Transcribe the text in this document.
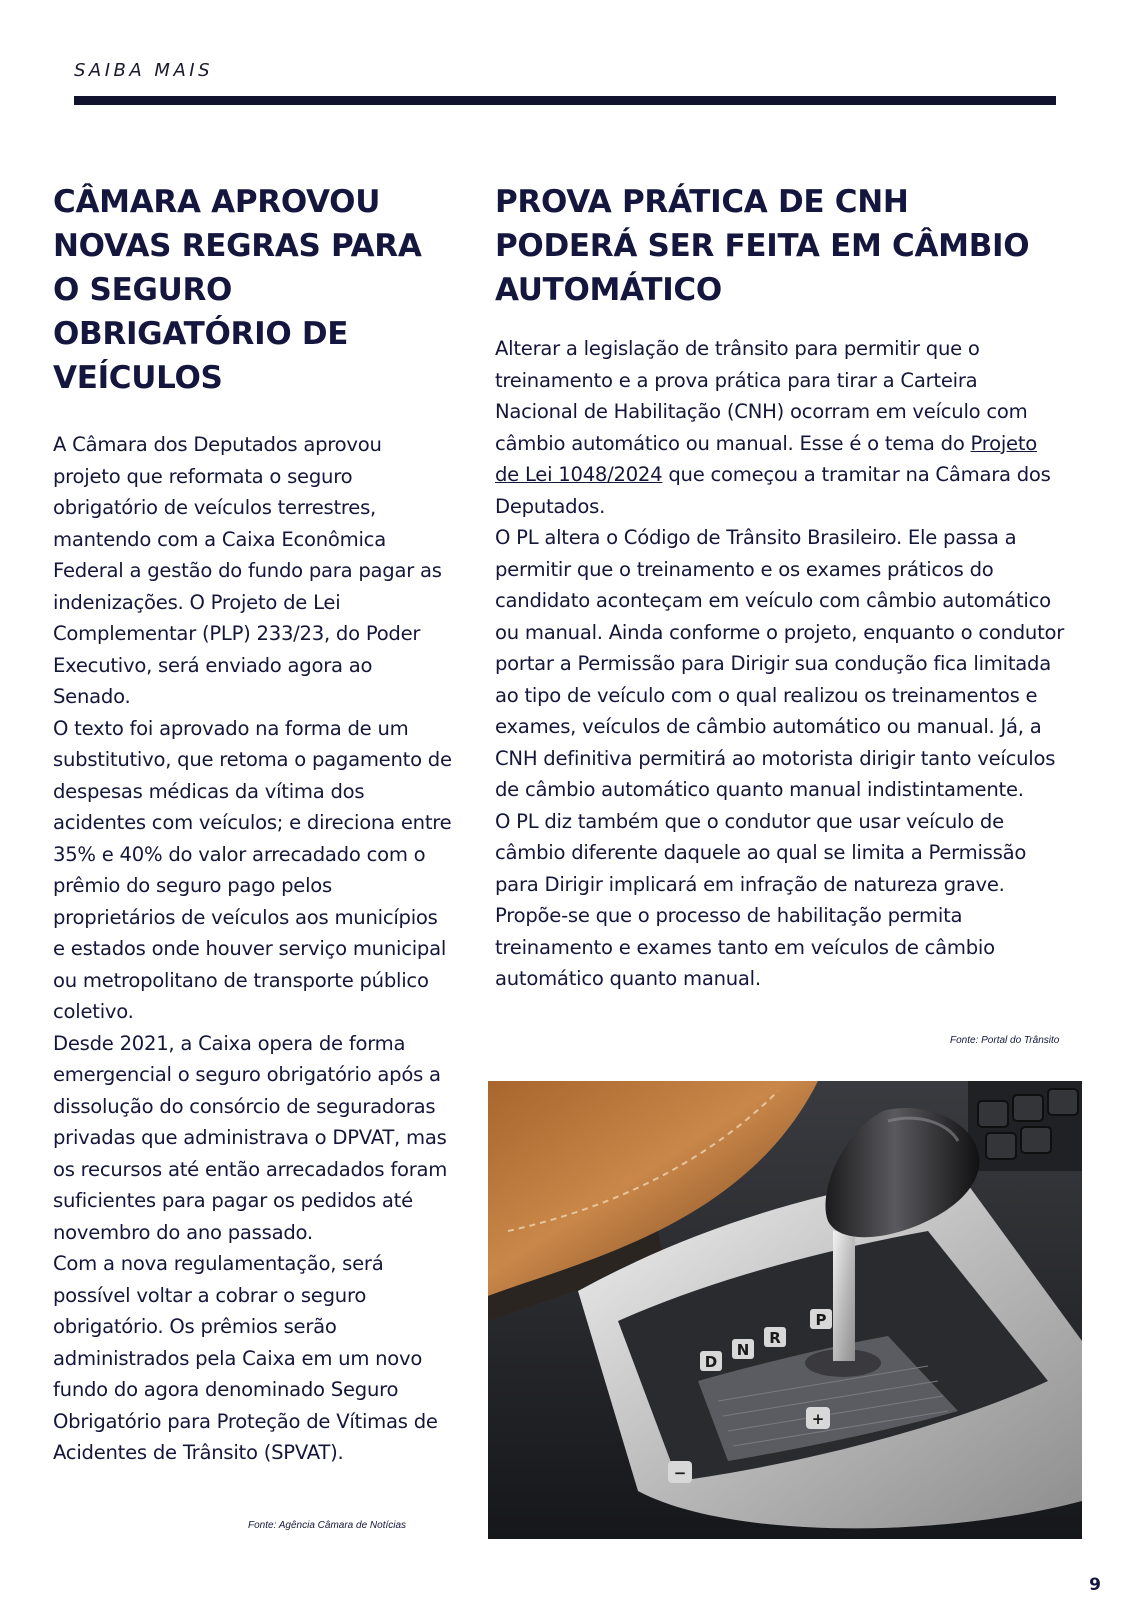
SAIBA MAIS
CÂMARA APROVOU NOVAS REGRAS PARA O SEGURO OBRIGATÓRIO DE VEÍCULOS

A Câmara dos Deputados aprovou projeto que reformata o seguro obrigatório de veículos terrestres, mantendo com a Caixa Econômica Federal a gestão do fundo para pagar as indenizações. O Projeto de Lei Complementar (PLP) 233/23, do Poder Executivo, será enviado agora ao Senado.

O texto foi aprovado na forma de um substitutivo, que retoma o pagamento de despesas médicas da vítima dos acidentes com veículos; e direciona entre 35% e 40% do valor arrecadado com o prêmio do seguro pago pelos proprietários de veículos aos municípios e estados onde houver serviço municipal ou metropolitano de transporte público coletivo.

Desde 2021, a Caixa opera de forma emergencial o seguro obrigatório após a dissolução do consórcio de seguradoras privadas que administrava o DPVAT, mas os recursos até então arrecadados foram suficientes para pagar os pedidos até novembro do ano passado.

Com a nova regulamentação, será possível voltar a cobrar o seguro obrigatório. Os prêmios serão administrados pela Caixa em um novo fundo do agora denominado Seguro Obrigatório para Proteção de Vítimas de Acidentes de Trânsito (SPVAT).

Fonte: Agência Câmara de Notícias
PROVA PRÁTICA DE CNH PODERÁ SER FEITA EM CÂMBIO AUTOMÁTICO

Alterar a legislação de trânsito para permitir que o treinamento e a prova prática para tirar a Carteira Nacional de Habilitação (CNH) ocorram em veículo com câmbio automático ou manual. Esse é o tema do Projeto de Lei 1048/2024 que começou a tramitar na Câmara dos Deputados.

O PL altera o Código de Trânsito Brasileiro. Ele passa a permitir que o treinamento e os exames práticos do candidato aconteçam em veículo com câmbio automático ou manual. Ainda conforme o projeto, enquanto o condutor portar a Permissão para Dirigir sua condução fica limitada ao tipo de veículo com o qual realizou os treinamentos e exames, veículos de câmbio automático ou manual. Já, a CNH definitiva permitirá ao motorista dirigir tanto veículos de câmbio automático quanto manual indistintamente.

O PL diz também que o condutor que usar veículo de câmbio diferente daquele ao qual se limita a Permissão para Dirigir implicará em infração de natureza grave. Propõe-se que o processo de habilitação permita treinamento e exames tanto em veículos de câmbio automático quanto manual.

Fonte: Portal do Trânsito
D
N
R
P
+
−
9
